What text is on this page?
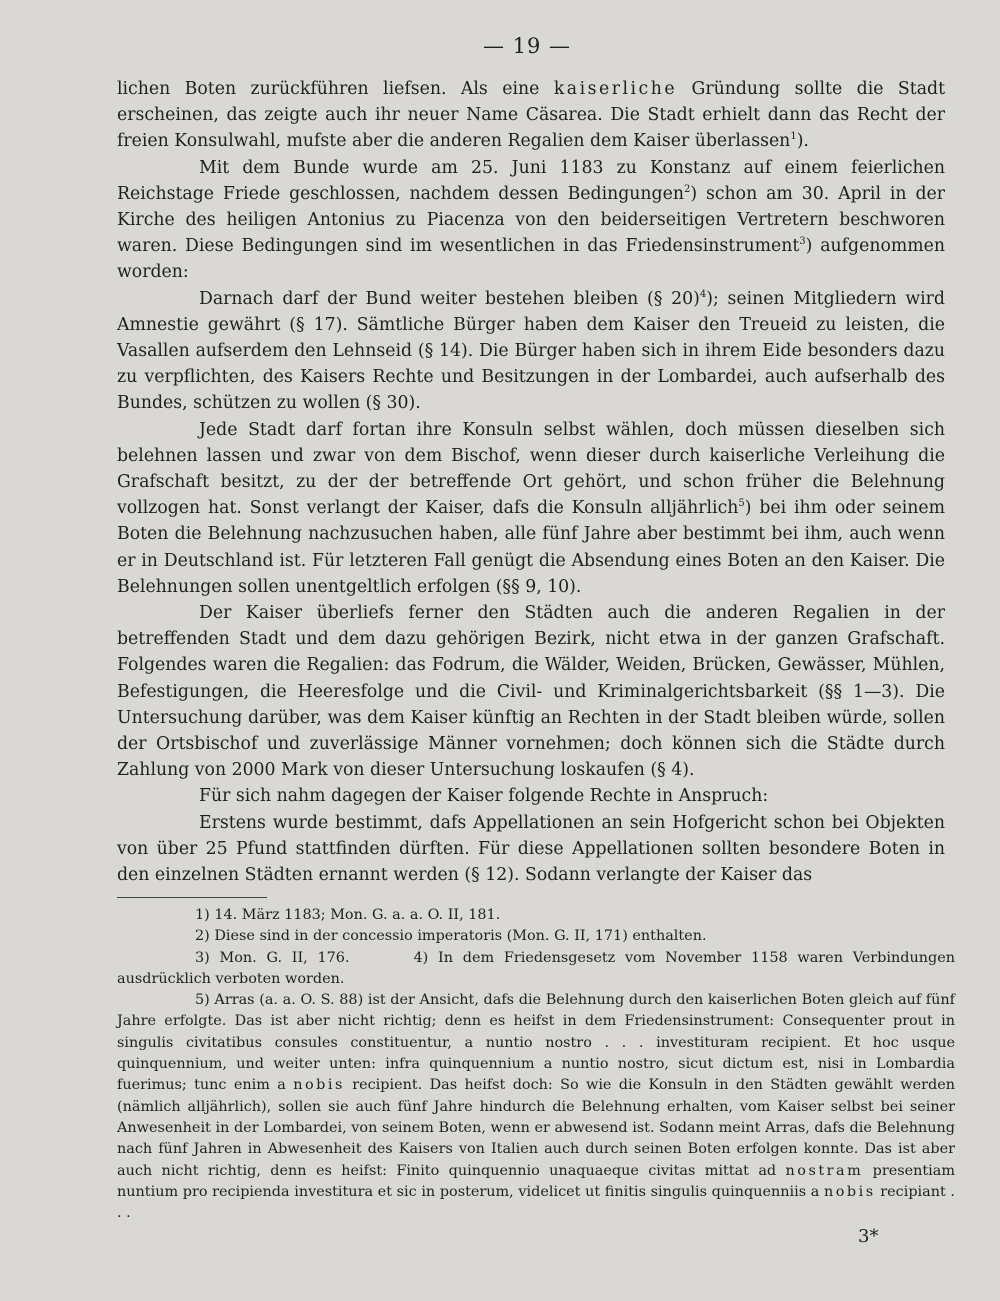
— 19 —

lichen Boten zurückführen liefsen. Als eine kaiserliche Gründung sollte die Stadt erscheinen, das zeigte auch ihr neuer Name Cäsarea. Die Stadt erhielt dann das Recht der freien Konsulwahl, mufste aber die anderen Regalien dem Kaiser überlassen$^1$).

Mit dem Bunde wurde am 25. Juni 1183 zu Konstanz auf einem feierlichen Reichstage Friede geschlossen, nachdem dessen Bedingungen$^2$) schon am 30. April in der Kirche des heiligen Antonius zu Piacenza von den beiderseitigen Vertretern beschworen waren. Diese Bedingungen sind im wesentlichen in das Friedensinstrument$^3$) aufgenommen worden:

Darnach darf der Bund weiter bestehen bleiben (§ 20)$^4$); seinen Mitgliedern wird Amnestie gewährt (§ 17). Sämtliche Bürger haben dem Kaiser den Treueid zu leisten, die Vasallen aufserdem den Lehnseid (§ 14). Die Bürger haben sich in ihrem Eide besonders dazu zu verpflichten, des Kaisers Rechte und Besitzungen in der Lombardei, auch aufserhalb des Bundes, schützen zu wollen (§ 30).

Jede Stadt darf fortan ihre Konsuln selbst wählen, doch müssen dieselben sich belehnen lassen und zwar von dem Bischof, wenn dieser durch kaiserliche Verleihung die Grafschaft besitzt, zu der der betreffende Ort gehört, und schon früher die Belehnung vollzogen hat. Sonst verlangt der Kaiser, dafs die Konsuln alljährlich$^5$) bei ihm oder seinem Boten die Belehnung nachzusuchen haben, alle fünf Jahre aber bestimmt bei ihm, auch wenn er in Deutschland ist. Für letzteren Fall genügt die Absendung eines Boten an den Kaiser. Die Belehnungen sollen unentgeltlich erfolgen (§§ 9, 10).

Der Kaiser überliefs ferner den Städten auch die anderen Regalien in der betreffenden Stadt und dem dazu gehörigen Bezirk, nicht etwa in der ganzen Grafschaft. Folgendes waren die Regalien: das Fodrum, die Wälder, Weiden, Brücken, Gewässer, Mühlen, Befestigungen, die Heeresfolge und die Civil- und Kriminalgerichtsbarkeit (§§ 1—3). Die Untersuchung darüber, was dem Kaiser künftig an Rechten in der Stadt bleiben würde, sollen der Ortsbischof und zuverlässige Männer vornehmen; doch können sich die Städte durch Zahlung von 2000 Mark von dieser Untersuchung loskaufen (§ 4).

Für sich nahm dagegen der Kaiser folgende Rechte in Anspruch:

Erstens wurde bestimmt, dafs Appellationen an sein Hofgericht schon bei Objekten von über 25 Pfund stattfinden dürften. Für diese Appellationen sollten besondere Boten in den einzelnen Städten ernannt werden (§ 12). Sodann verlangte der Kaiser das

1) 14. März 1183; Mon. G. a. a. O. II, 181.

2) Diese sind in der concessio imperatoris (Mon. G. II, 171) enthalten.

3) Mon. G. II, 176.	4) In dem Friedensgesetz vom November 1158 waren Verbindungen ausdrücklich verboten worden.

5) Arras (a. a. O. S. 88) ist der Ansicht, dafs die Belehnung durch den kaiserlichen Boten gleich auf fünf Jahre erfolgte. Das ist aber nicht richtig; denn es heifst in dem Friedensinstrument: Consequenter prout in singulis civitatibus consules constituentur, a nuntio nostro . . . investituram recipient. Et hoc usque quinquennium, und weiter unten: infra quinquennium a nuntio nostro, sicut dictum est, nisi in Lombardia fuerimus; tunc enim a nobis recipient. Das heifst doch: So wie die Konsuln in den Städten gewählt werden (nämlich alljährlich), sollen sie auch fünf Jahre hindurch die Belehnung erhalten, vom Kaiser selbst bei seiner Anwesenheit in der Lombardei, von seinem Boten, wenn er abwesend ist. Sodann meint Arras, dafs die Belehnung nach fünf Jahren in Abwesenheit des Kaisers von Italien auch durch seinen Boten erfolgen konnte. Das ist aber auch nicht richtig, denn es heifst: Finito quinquennio unaquaeque civitas mittat ad nostram presentiam nuntium pro recipienda investitura et sic in posterum, videlicet ut finitis singulis quinquenniis a nobis recipiant . . .

3*
